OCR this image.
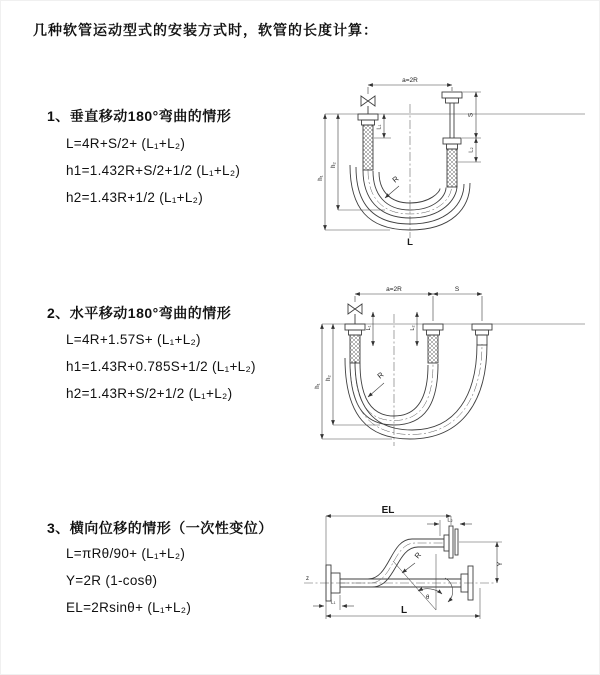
几种软管运动型式的安装方式时，软管的长度计算：
1、垂直移动180°弯曲的情形
L=4R+S/2+ (L₁+L₂)
h1=1.432R+S/2+1/2 (L₁+L₂)
h2=1.43R+1/2 (L₁+L₂)
2、水平移动180°弯曲的情形
L=4R+1.57S+ (L₁+L₂)
h1=1.43R+0.785S+1/2 (L₁+L₂)
h2=1.43R+S/2+1/2 (L₁+L₂)
3、横向位移的情形（一次性变位）
L=πRθ/90+ (L₁+L₂)
Y=2R (1-cosθ)
EL=2Rsinθ+ (L₁+L₂)
a=2R
h₁
h₂
L₁
S
L₂
R
L
a=2R	S
h₁
h₂
L₁	L₂
R
z
EL
L₂
θ
R
Y
L₁
L
